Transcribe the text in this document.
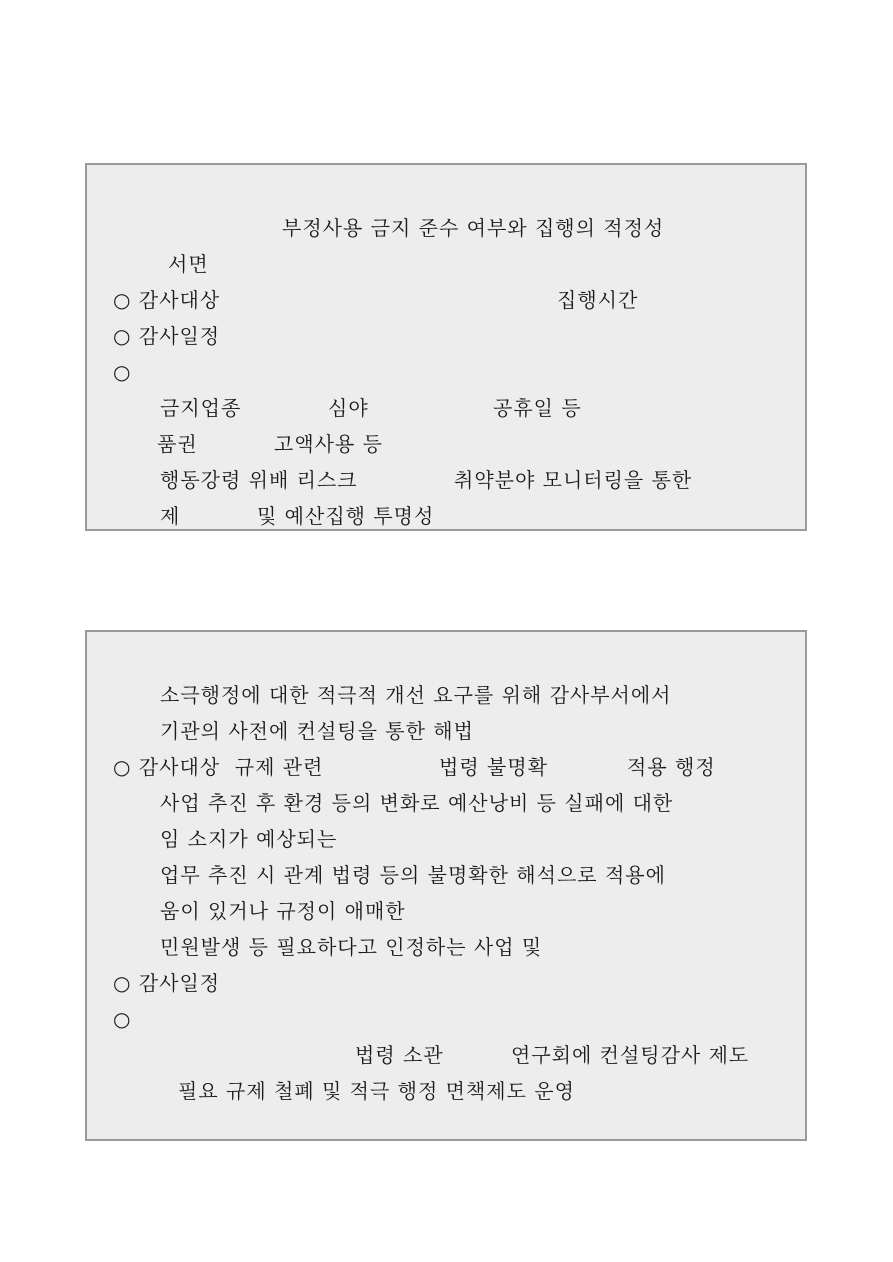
부정사용 금지 준수 여부와 집행의 적정성
서면
○ 감사대상	집행시간
○ 감사일정
○
금지업종	심야	공휴일 등
품권	고액사용 등
행동강령 위배 리스크	취약분야 모니터링을 통한
제	및 예산집행 투명성
소극행정에 대한 적극적 개선 요구를 위해 감사부서에서
기관의 사전에 컨설팅을 통한 해법
○ 감사대상  규제 관련	법령 불명확	적용 행정
사업 추진 후 환경 등의 변화로 예산낭비 등 실패에 대한
임 소지가 예상되는
업무 추진 시 관계 법령 등의 불명확한 해석으로 적용에
움이 있거나 규정이 애매한
민원발생 등 필요하다고 인정하는 사업 및
○ 감사일정
○
법령 소관	연구회에 컨설팅감사 제도
필요 규제 철폐 및 적극 행정 면책제도 운영
